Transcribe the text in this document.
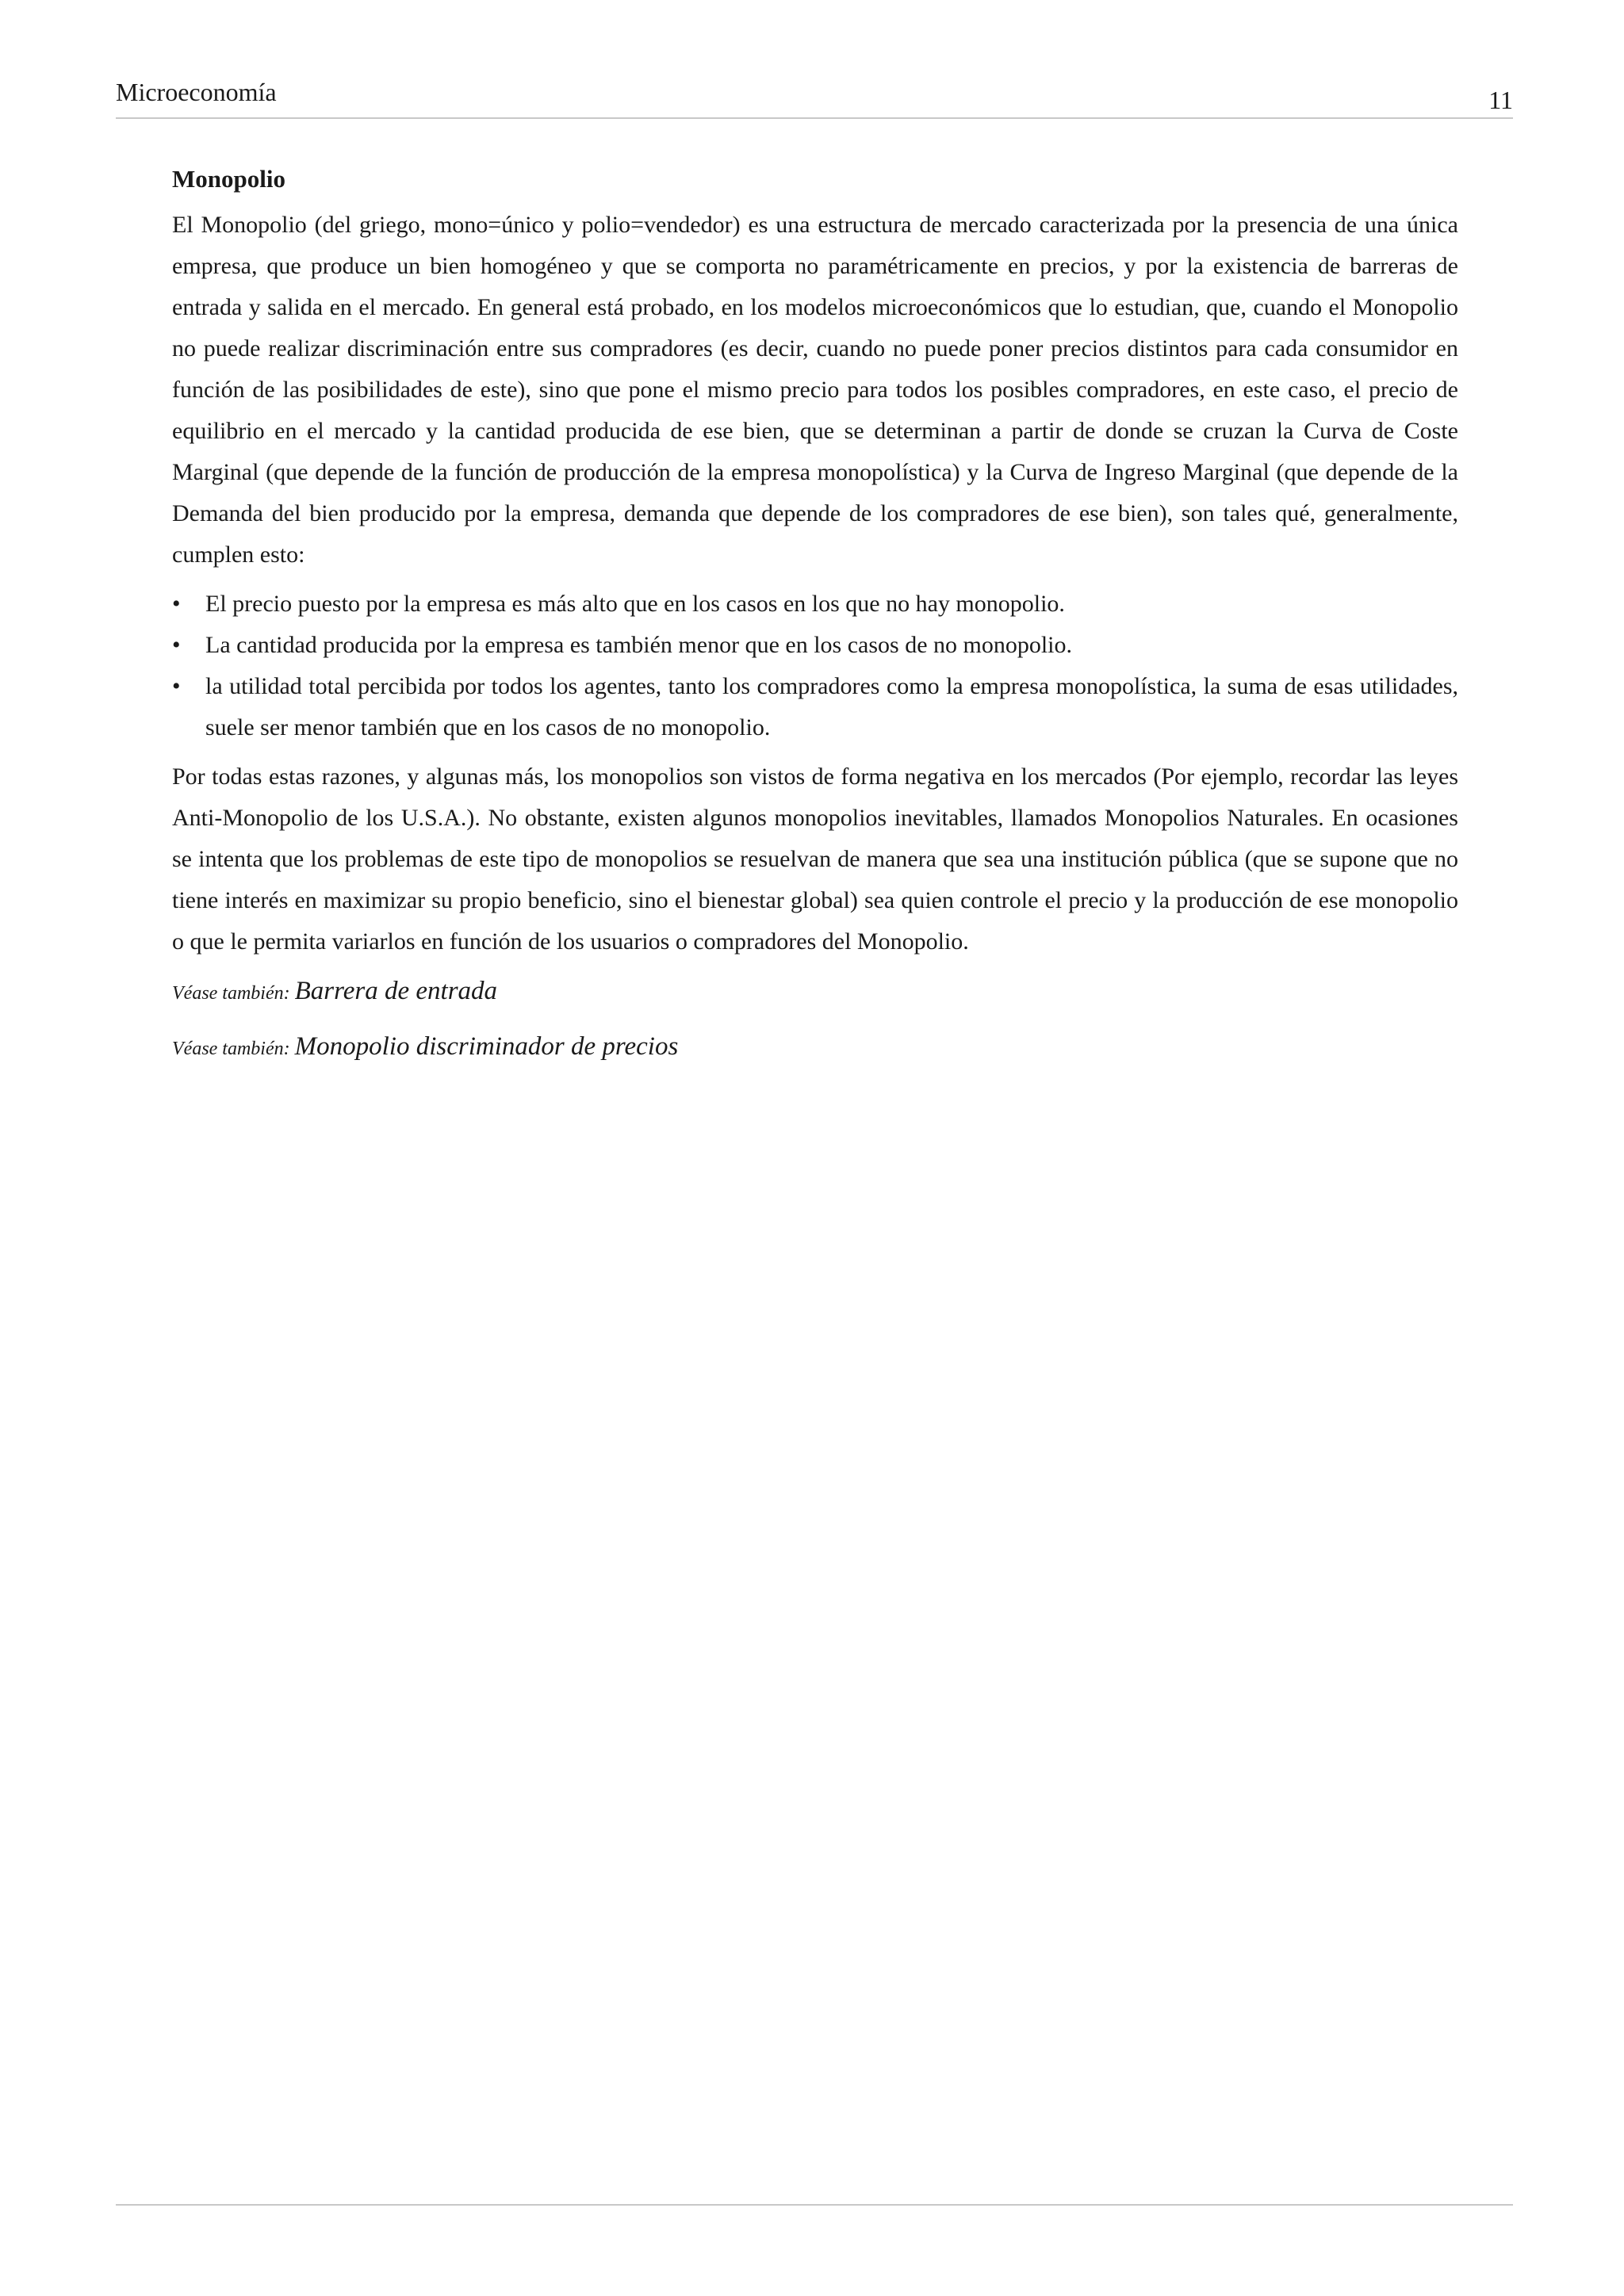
Microeconomía	11
Monopolio

El Monopolio (del griego, mono=único y polio=vendedor) es una estructura de mercado caracterizada por la presencia de una única empresa, que produce un bien homogéneo y que se comporta no paramétricamente en precios, y por la existencia de barreras de entrada y salida en el mercado. En general está probado, en los modelos microeconómicos que lo estudian, que, cuando el Monopolio no puede realizar discriminación entre sus compradores (es decir, cuando no puede poner precios distintos para cada consumidor en función de las posibilidades de este), sino que pone el mismo precio para todos los posibles compradores, en este caso, el precio de equilibrio en el mercado y la cantidad producida de ese bien, que se determinan a partir de donde se cruzan la Curva de Coste Marginal (que depende de la función de producción de la empresa monopolística) y la Curva de Ingreso Marginal (que depende de la Demanda del bien producido por la empresa, demanda que depende de los compradores de ese bien), son tales qué, generalmente, cumplen esto:

• El precio puesto por la empresa es más alto que en los casos en los que no hay monopolio.
• La cantidad producida por la empresa es también menor que en los casos de no monopolio.
• la utilidad total percibida por todos los agentes, tanto los compradores como la empresa monopolística, la suma de esas utilidades, suele ser menor también que en los casos de no monopolio.

Por todas estas razones, y algunas más, los monopolios son vistos de forma negativa en los mercados (Por ejemplo, recordar las leyes Anti-Monopolio de los U.S.A.). No obstante, existen algunos monopolios inevitables, llamados Monopolios Naturales. En ocasiones se intenta que los problemas de este tipo de monopolios se resuelvan de manera que sea una institución pública (que se supone que no tiene interés en maximizar su propio beneficio, sino el bienestar global) sea quien controle el precio y la producción de ese monopolio o que le permita variarlos en función de los usuarios o compradores del Monopolio.

Véase también: Barrera de entrada
Véase también: Monopolio discriminador de precios
